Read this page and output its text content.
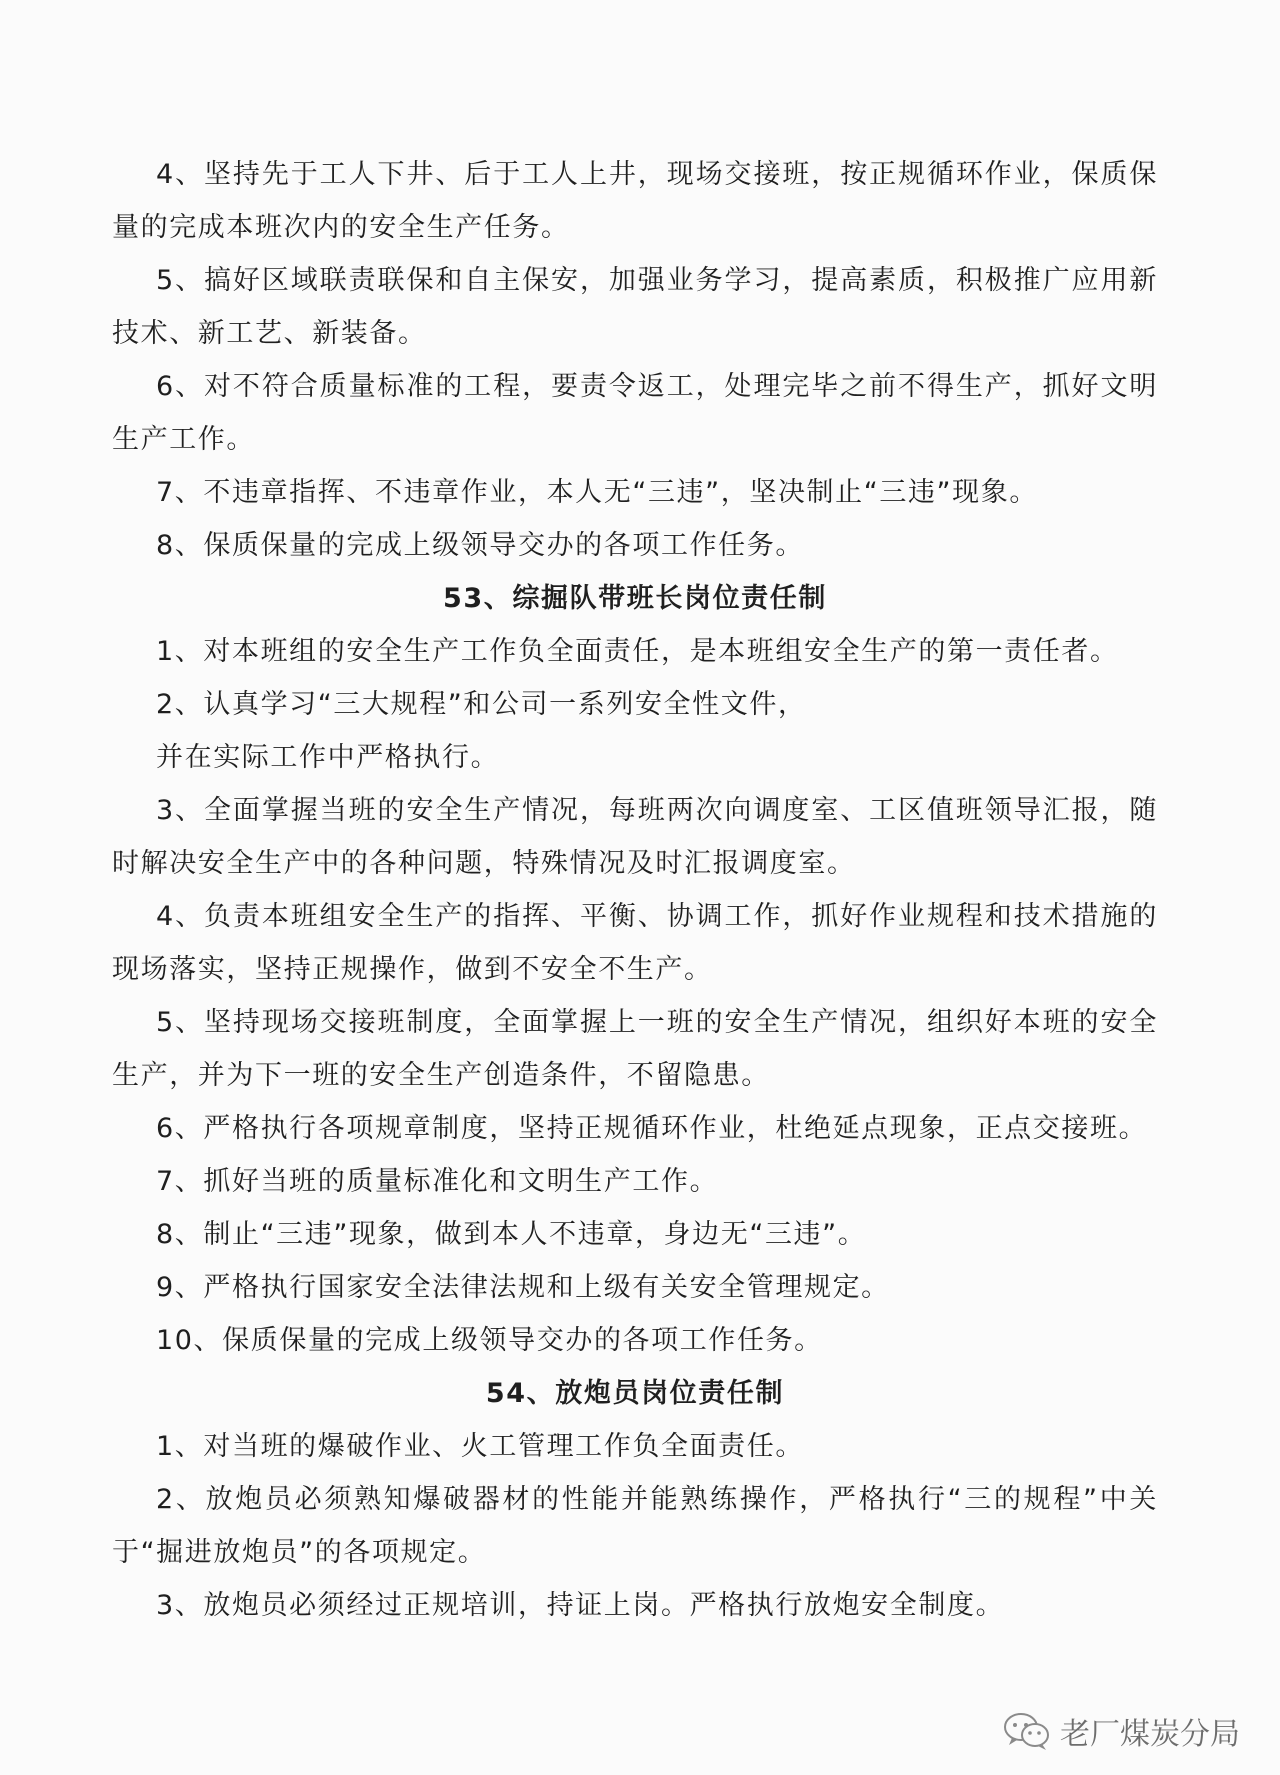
4、坚持先于工人下井、后于工人上井，现场交接班，按正规循环作业，保质保量的完成本班次内的安全生产任务。

5、搞好区域联责联保和自主保安，加强业务学习，提高素质，积极推广应用新技术、新工艺、新装备。

6、对不符合质量标准的工程，要责令返工，处理完毕之前不得生产，抓好文明生产工作。

7、不违章指挥、不违章作业，本人无“三违”，坚决制止“三违”现象。

8、保质保量的完成上级领导交办的各项工作任务。

53、综掘队带班长岗位责任制

1、对本班组的安全生产工作负全面责任，是本班组安全生产的第一责任者。

2、认真学习“三大规程”和公司一系列安全性文件，

并在实际工作中严格执行。

3、全面掌握当班的安全生产情况，每班两次向调度室、工区值班领导汇报，随时解决安全生产中的各种问题，特殊情况及时汇报调度室。

4、负责本班组安全生产的指挥、平衡、协调工作，抓好作业规程和技术措施的现场落实，坚持正规操作，做到不安全不生产。

5、坚持现场交接班制度，全面掌握上一班的安全生产情况，组织好本班的安全生产，并为下一班的安全生产创造条件，不留隐患。

6、严格执行各项规章制度，坚持正规循环作业，杜绝延点现象，正点交接班。

7、抓好当班的质量标准化和文明生产工作。

8、制止“三违”现象，做到本人不违章，身边无“三违”。

9、严格执行国家安全法律法规和上级有关安全管理规定。

10、保质保量的完成上级领导交办的各项工作任务。

54、放炮员岗位责任制

1、对当班的爆破作业、火工管理工作负全面责任。

2、放炮员必须熟知爆破器材的性能并能熟练操作，严格执行“三的规程”中关于“掘进放炮员”的各项规定。

3、放炮员必须经过正规培训，持证上岗。严格执行放炮安全制度。

老厂煤炭分局
